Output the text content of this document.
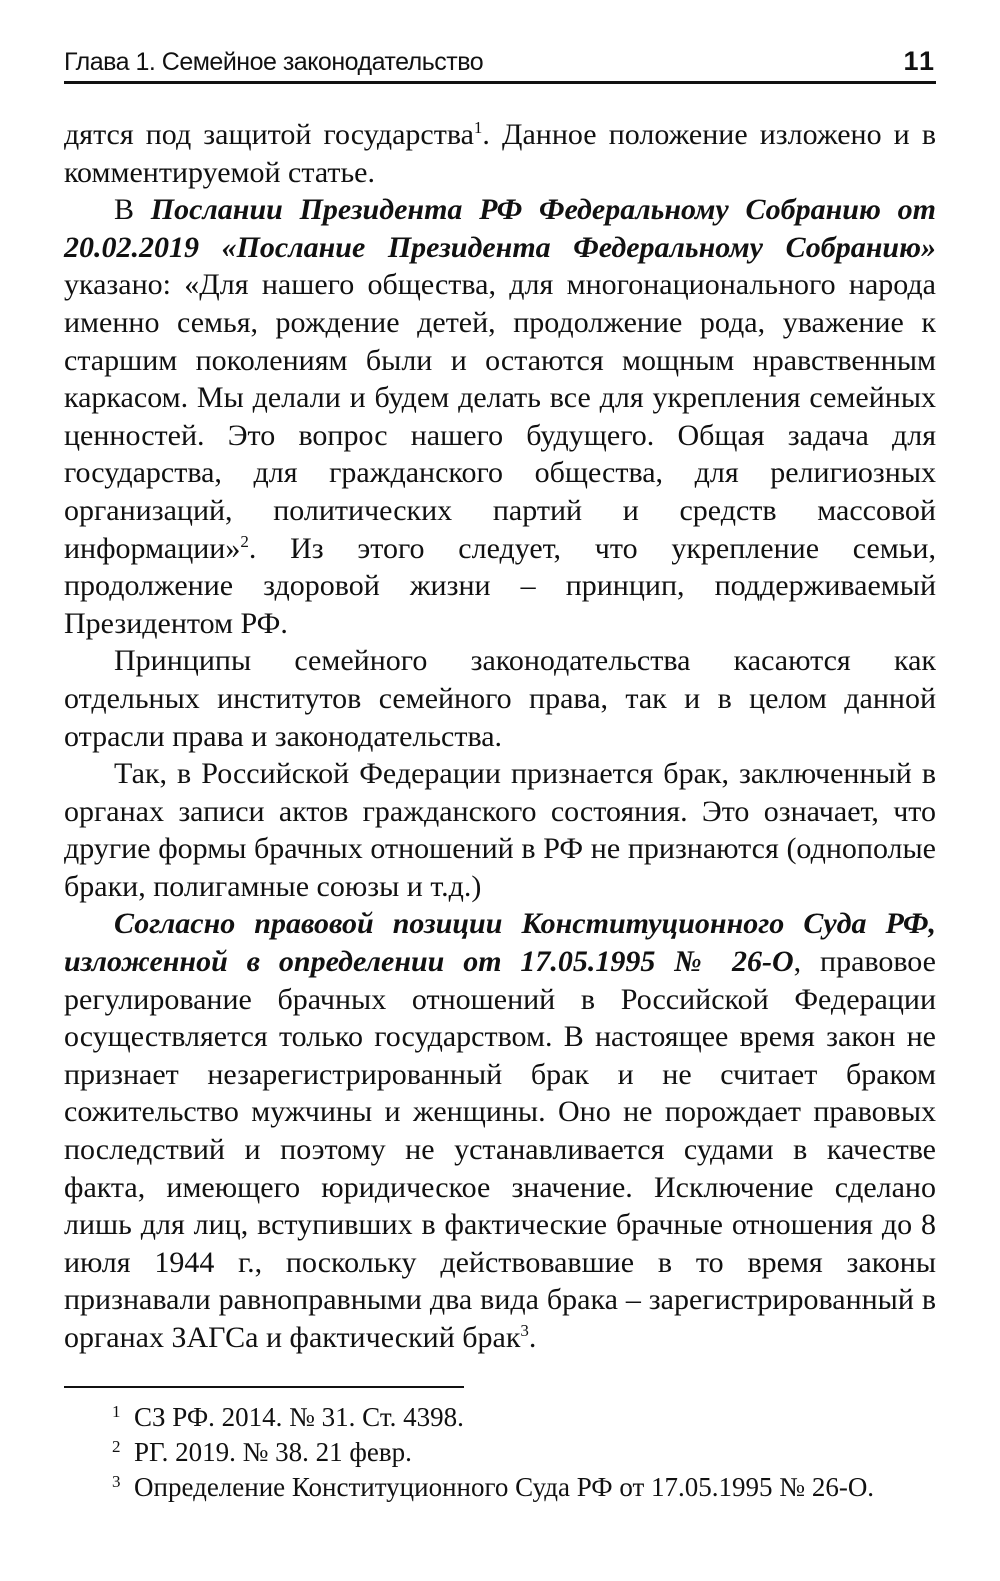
Глава 1. Семейное законодательство	11

дятся под защитой государства$^1$. Данное положение изложено и в комментируемой статье.

В Послании Президента РФ Федеральному Собранию от 20.02.2019 «Послание Президента Федеральному Собранию» указано: «Для нашего общества, для многонационального народа именно семья, рождение детей, продолжение рода, уважение к старшим поколениям были и остаются мощным нравственным каркасом. Мы делали и будем делать все для укрепления семейных ценностей. Это вопрос нашего будущего. Общая задача для государства, для гражданского общества, для религиозных организаций, политических партий и средств массовой информации»$^2$. Из этого следует, что укрепление семьи, продолжение здоровой жизни – принцип, поддерживаемый Президентом РФ.

Принципы семейного законодательства касаются как отдельных институтов семейного права, так и в целом данной отрасли права и законодательства.

Так, в Российской Федерации признается брак, заключенный в органах записи актов гражданского состояния. Это означает, что другие формы брачных отношений в РФ не признаются (однополые браки, полигамные союзы и т.д.)

Согласно правовой позиции Конституционного Суда РФ, изложенной в определении от 17.05.1995 № 26-О, правовое регулирование брачных отношений в Российской Федерации осуществляется только государством. В настоящее время закон не признает незарегистрированный брак и не считает браком сожительство мужчины и женщины. Оно не порождает правовых последствий и поэтому не устанавливается судами в качестве факта, имеющего юридическое значение. Исключение сделано лишь для лиц, вступивших в фактические брачные отношения до 8 июля 1944 г., поскольку действовавшие в то время законы признавали равноправными два вида брака – зарегистрированный в органах ЗАГСа и фактический брак$^3$.

1 СЗ РФ. 2014. № 31. Ст. 4398.
2 РГ. 2019. № 38. 21 февр.
3 Определение Конституционного Суда РФ от 17.05.1995 № 26-О.
